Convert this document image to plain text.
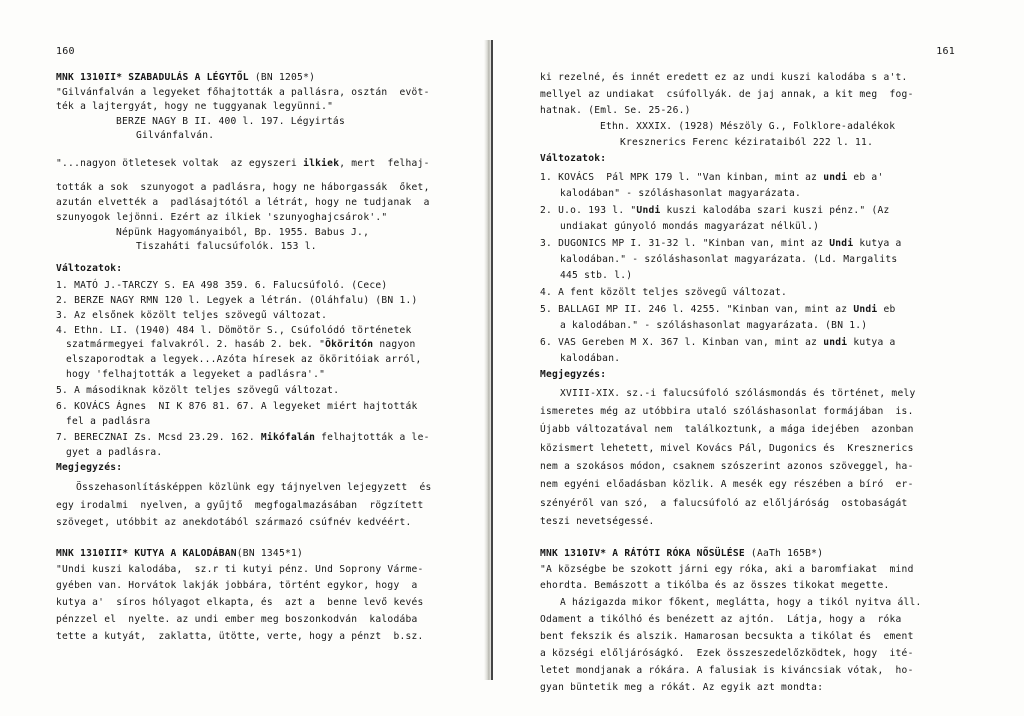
160
MNK 1310II* SZABADULÁS A LÉGYTŐL (BN 1205*)
"Gilvánfalván a legyeket főhajtották a pallásra, osztán  evöt-
ték a lajtergyát, hogy ne tuggyanak legyünni."
BERZE NAGY B II. 400 l. 197. Légyirtás
Gilvánfalván.
"...nagyon ötletesek voltak  az egyszeri ilkiek, mert  felhaj-
tották a sok  szunyogot a padlásra, hogy ne háborgassák  őket,
azután elvették a  padlásajtótól a létrát, hogy ne tudjanak  a
szunyogok lejönni. Ezért az ilkiek 'szunyoghajcsárok'."
Népünk Hagyományaiból, Bp. 1955. Babus J.,
Tiszaháti falucsúfolók. 153 l.
Változatok:
1. MATÓ J.-TARCZY S. EA 498 359. 6. Falucsúfoló. (Cece)
2. BERZE NAGY RMN 120 l. Legyek a létrán. (Oláhfalu) (BN 1.)
3. Az elsőnek közölt teljes szövegű változat.
4. Ethn. LI. (1940) 484 l. Dömötör S., Csúfolódó történetek
szatmármegyei falvakról. 2. hasáb 2. bek. "Ököritón nagyon
elszaporodtak a legyek...Azóta híresek az ököritóiak arról,
hogy 'felhajtották a legyeket a padlásra'."
5. A másodiknak közölt teljes szövegű változat.
6. KOVÁCS Ágnes  NI K 876 81. 67. A legyeket miért hajtották
fel a padlásra
7. BERECZNAI Zs. Mcsd 23.29. 162. Mikófalán felhajtották a le-
gyet a padlásra.
Megjegyzés:
Összehasonlításképpen közlünk egy tájnyelven lejegyzett  és
egy irodalmi  nyelven, a gyűjtő  megfogalmazásában  rögzített
szöveget, utóbbit az anekdotából származó csúfnév kedvéért.
MNK 1310III* KUTYA A KALODÁBAN(BN 1345*1)
"Undi kuszi kalodába,  sz.r ti kutyi pénz. Und Soprony Várme-
gyében van. Horvátok lakják jobbára, történt egykor, hogy  a
kutya a'  síros hólyagot elkapta, és  azt a  benne levő kevés
pénzzel el  nyelte. az undi ember meg boszonkodván  kalodába
tette a kutyát,  zaklatta, ütötte, verte, hogy a pénzt  b.sz.
161
ki rezelné, és innét eredett ez az undi kuszi kalodába s a't.
mellyel az undiakat  csúfollyák. de jaj annak, a kit meg  fog-
hatnak. (Eml. Se. 25-26.)
Ethn. XXXIX. (1928) Mészöly G., Folklore-adalékok
Kresznerics Ferenc kézirataiból 222 l. 11.
Változatok:
1. KOVÁCS  Pál MPK 179 l. "Van kinban, mint az undi eb a'
kalodában" - szóláshasonlat magyarázata.
2. U.o. 193 l. "Undi kuszi kalodába szari kuszi pénz." (Az
undiakat gúnyoló mondás magyarázat nélkül.)
3. DUGONICS MP I. 31-32 l. "Kinban van, mint az Undi kutya a
kalodában." - szóláshasonlat magyarázata. (Ld. Margalits
445 stb. l.)
4. A fent közölt teljes szövegű változat.
5. BALLAGI MP II. 246 l. 4255. "Kinban van, mint az Undi eb
a kalodában." - szóláshasonlat magyarázata. (BN 1.)
6. VAS Gereben M X. 367 l. Kinban van, mint az undi kutya a
kalodában.
Megjegyzés:
XVIII-XIX. sz.-i falucsúfoló szólásmondás és történet, mely
ismeretes még az utóbbira utaló szóláshasonlat formájában  is.
Újabb változatával nem  találkoztunk, a mága idejében  azonban
közismert lehetett, mivel Kovács Pál, Dugonics és  Kresznerics
nem a szokásos módon, csaknem szószerint azonos szöveggel, ha-
nem egyéni előadásban közlik. A mesék egy részében a bíró  er-
szényéről van szó,  a falucsúfoló az előljáróság  ostobaságát
teszi nevetségessé.
MNK 1310IV* A RÁTÓTI RÓKA NŐSÜLÉSE (AaTh 165B*)
"A községbe be szokott járni egy róka, aki a baromfiakat  mind
ehordta. Bemászott a tikólba és az összes tikokat megette.
A házigazda mikor főkent, meglátta, hogy a tikól nyitva áll.
Odament a tikólhó és benézett az ajtón.  Látja, hogy a  róka
bent fekszik és alszik. Hamarosan becsukta a tikólat és  ement
a községi előljáróságkó.  Ezek összeszedelőzködtek, hogy  ité-
letet mondjanak a rókára. A falusiak is kiváncsiak vótak,  ho-
gyan büntetik meg a rókát. Az egyik azt mondta:
